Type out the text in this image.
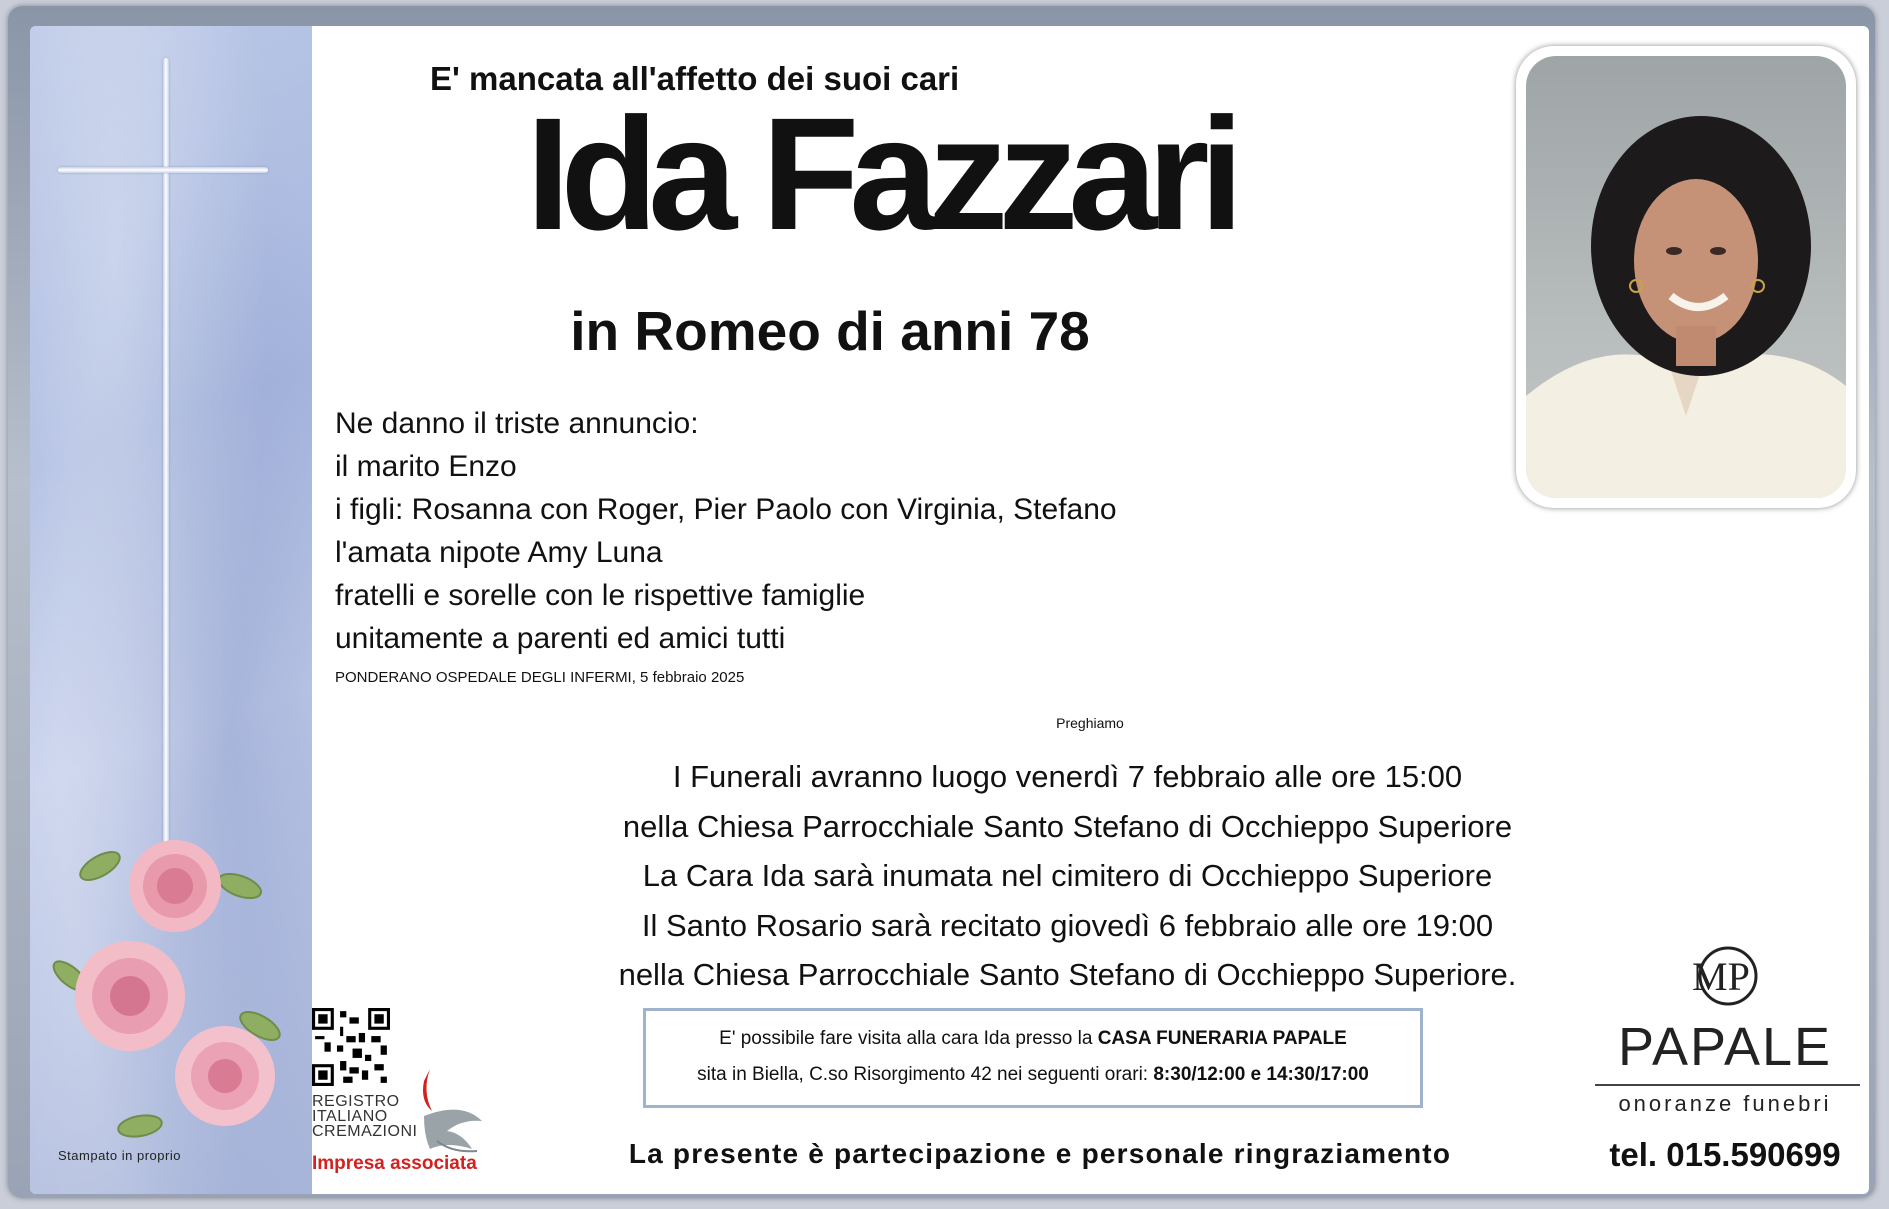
Stampato in proprio
E' mancata all'affetto dei suoi cari
Ida Fazzari
in Romeo di anni 78
Ne danno il triste annuncio:
il marito Enzo
i figli: Rosanna con Roger, Pier Paolo con Virginia, Stefano
l'amata nipote Amy Luna
fratelli e sorelle con le rispettive famiglie
unitamente a parenti ed amici tutti
PONDERANO OSPEDALE DEGLI INFERMI, 5 febbraio 2025
Preghiamo
I Funerali avranno luogo venerdì 7 febbraio alle ore 15:00
nella Chiesa Parrocchiale Santo Stefano di Occhieppo Superiore
La Cara Ida sarà inumata nel cimitero di Occhieppo Superiore
Il Santo Rosario sarà recitato giovedì 6 febbraio alle ore 19:00
nella Chiesa Parrocchiale Santo Stefano di Occhieppo Superiore.
E' possibile fare visita alla cara Ida presso la CASA FUNERARIA PAPALE
sita in Biella, C.so Risorgimento 42 nei seguenti orari: 8:30/12:00 e 14:30/17:00
La presente è partecipazione e personale ringraziamento
REGISTRO
ITALIANO
CREMAZIONI
Impresa associata
MP
PAPALE
onoranze funebri
tel. 015.590699
